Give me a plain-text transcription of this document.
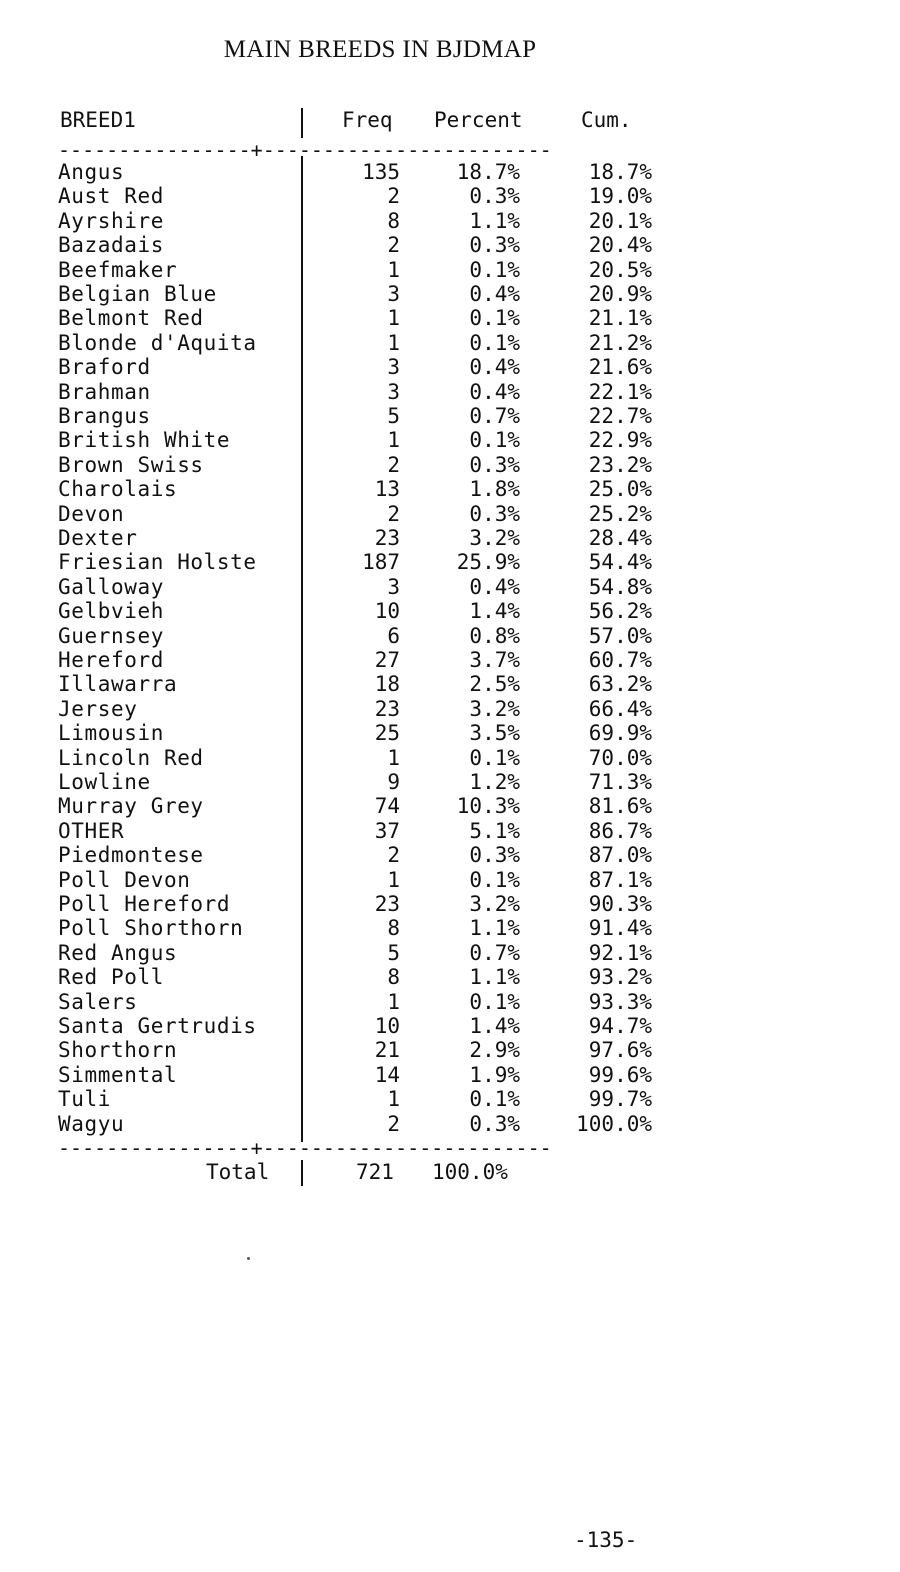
MAIN BREEDS IN BJDMAP
BREED1	Freq Percent	Cum.
----------------+------------------------
----------------+------------------------
Angus	135	18.7%	18.7%
Aust Red	2	0.3%	19.0%
Ayrshire	8	1.1%	20.1%
Bazadais	2	0.3%	20.4%
Beefmaker	1	0.1%	20.5%
Belgian Blue	3	0.4%	20.9%
Belmont Red	1	0.1%	21.1%
Blonde d'Aquita	1	0.1%	21.2%
Braford	3	0.4%	21.6%
Brahman	3	0.4%	22.1%
Brangus	5	0.7%	22.7%
British White	1	0.1%	22.9%
Brown Swiss	2	0.3%	23.2%
Charolais	13	1.8%	25.0%
Devon	2	0.3%	25.2%
Dexter	23	3.2%	28.4%
Friesian Holste	187	25.9%	54.4%
Galloway	3	0.4%	54.8%
Gelbvieh	10	1.4%	56.2%
Guernsey	6	0.8%	57.0%
Hereford	27	3.7%	60.7%
Illawarra	18	2.5%	63.2%
Jersey	23	3.2%	66.4%
Limousin	25	3.5%	69.9%
Lincoln Red	1	0.1%	70.0%
Lowline	9	1.2%	71.3%
Murray Grey	74	10.3%	81.6%
OTHER	37	5.1%	86.7%
Piedmontese	2	0.3%	87.0%
Poll Devon	1	0.1%	87.1%
Poll Hereford	23	3.2%	90.3%
Poll Shorthorn	8	1.1%	91.4%
Red Angus	5	0.7%	92.1%
Red Poll	8	1.1%	93.2%
Salers	1	0.1%	93.3%
Santa Gertrudis	10	1.4%	94.7%
Shorthorn	21	2.9%	97.6%
Simmental	14	1.9%	99.6%
Tuli	1	0.1%	99.7%
Wagyu	2	0.3%	100.0%
Total	721 100.0%
-135-
